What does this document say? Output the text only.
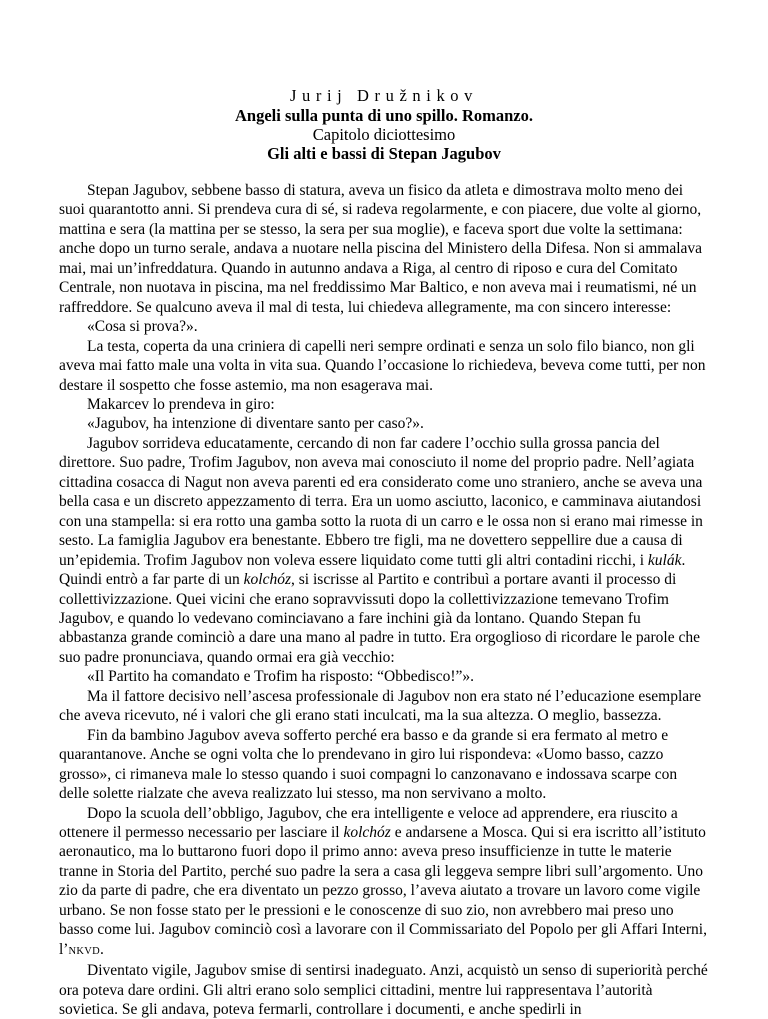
Jurij Družnikov
Angeli sulla punta di uno spillo. Romanzo.
Capitolo diciottesimo
Gli alti e bassi di Stepan Jagubov

Stepan Jagubov, sebbene basso di statura, aveva un fisico da atleta e dimostrava molto meno dei suoi quarantotto anni. Si prendeva cura di sé, si radeva regolarmente, e con piacere, due volte al giorno, mattina e sera (la mattina per se stesso, la sera per sua moglie), e faceva sport due volte la settimana: anche dopo un turno serale, andava a nuotare nella piscina del Ministero della Difesa. Non si ammalava mai, mai un’infreddatura. Quando in autunno andava a Riga, al centro di riposo e cura del Comitato Centrale, non nuotava in piscina, ma nel freddissimo Mar Baltico, e non aveva mai i reumatismi, né un raffreddore. Se qualcuno aveva il mal di testa, lui chiedeva allegramente, ma con sincero interesse:

«Cosa si prova?».

La testa, coperta da una criniera di capelli neri sempre ordinati e senza un solo filo bianco, non gli aveva mai fatto male una volta in vita sua. Quando l’occasione lo richiedeva, beveva come tutti, per non destare il sospetto che fosse astemio, ma non esagerava mai.

Makarcev lo prendeva in giro:

«Jagubov, ha intenzione di diventare santo per caso?».

Jagubov sorrideva educatamente, cercando di non far cadere l’occhio sulla grossa pancia del direttore. Suo padre, Trofim Jagubov, non aveva mai conosciuto il nome del proprio padre. Nell’agiata cittadina cosacca di Nagut non aveva parenti ed era considerato come uno straniero, anche se aveva una bella casa e un discreto appezzamento di terra. Era un uomo asciutto, laconico, e camminava aiutandosi con una stampella: si era rotto una gamba sotto la ruota di un carro e le ossa non si erano mai rimesse in sesto. La famiglia Jagubov era benestante. Ebbero tre figli, ma ne dovettero seppellire due a causa di un’epidemia. Trofim Jagubov non voleva essere liquidato come tutti gli altri contadini ricchi, i kulák. Quindi entrò a far parte di un kolchóz, si iscrisse al Partito e contribuì a portare avanti il processo di collettivizzazione. Quei vicini che erano sopravvissuti dopo la collettivizzazione temevano Trofim Jagubov, e quando lo vedevano cominciavano a fare inchini già da lontano. Quando Stepan fu abbastanza grande cominciò a dare una mano al padre in tutto. Era orgoglioso di ricordare le parole che suo padre pronunciava, quando ormai era già vecchio:

«Il Partito ha comandato e Trofim ha risposto: “Obbedisco!”».

Ma il fattore decisivo nell’ascesa professionale di Jagubov non era stato né l’educazione esemplare che aveva ricevuto, né i valori che gli erano stati inculcati, ma la sua altezza. O meglio, bassezza.

Fin da bambino Jagubov aveva sofferto perché era basso e da grande si era fermato al metro e quarantanove. Anche se ogni volta che lo prendevano in giro lui rispondeva: «Uomo basso, cazzo grosso», ci rimaneva male lo stesso quando i suoi compagni lo canzonavano e indossava scarpe con delle solette rialzate che aveva realizzato lui stesso, ma non servivano a molto.

Dopo la scuola dell’obbligo, Jagubov, che era intelligente e veloce ad apprendere, era riuscito a ottenere il permesso necessario per lasciare il kolchóz e andarsene a Mosca. Qui si era iscritto all’istituto aeronautico, ma lo buttarono fuori dopo il primo anno: aveva preso insufficienze in tutte le materie tranne in Storia del Partito, perché suo padre la sera a casa gli leggeva sempre libri sull’argomento. Uno zio da parte di padre, che era diventato un pezzo grosso, l’aveva aiutato a trovare un lavoro come vigile urbano. Se non fosse stato per le pressioni e le conoscenze di suo zio, non avrebbero mai preso uno basso come lui. Jagubov cominciò così a lavorare con il Commissariato del Popolo per gli Affari Interni, l’NKVD.

Diventato vigile, Jagubov smise di sentirsi inadeguato. Anzi, acquistò un senso di superiorità perché ora poteva dare ordini. Gli altri erano solo semplici cittadini, mentre lui rappresentava l’autorità sovietica. Se gli andava, poteva fermarli, controllare i documenti, e anche spedirli in
